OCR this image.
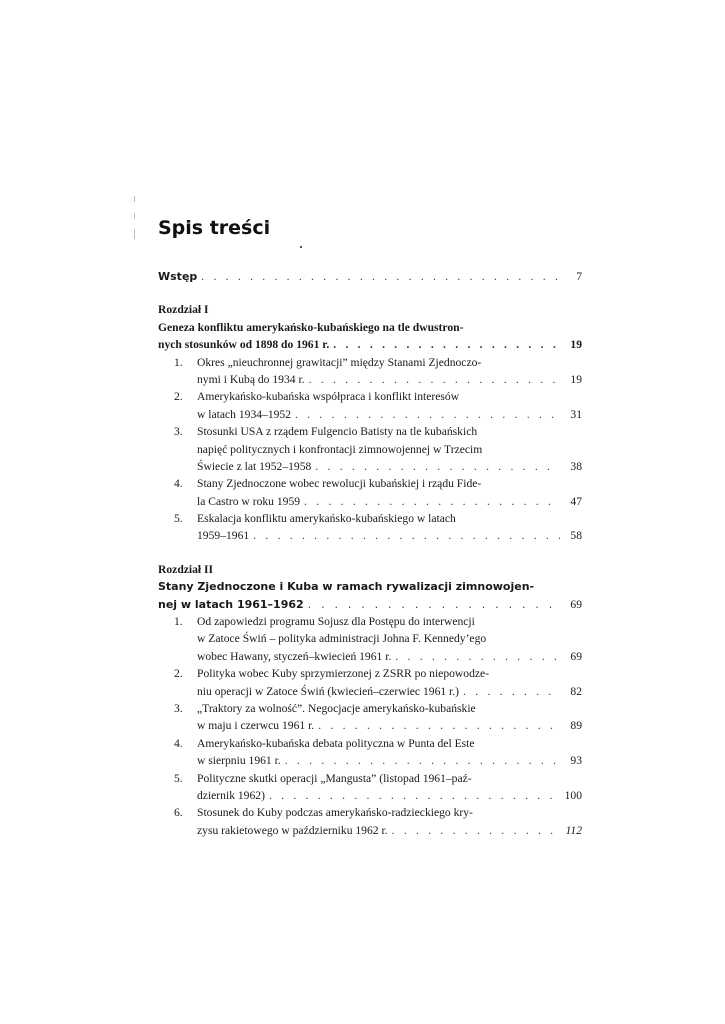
Spis treści
Wstęp . . .	7
Rozdział I
Geneza konfliktu amerykańsko-kubańskiego na tle dwustron-
nych stosunków od 1898 do 1961 r. . . .	19
1. Okres „nieuchronnej grawitacji” między Stanami Zjednoczo-
nymi i Kubą do 1934 r. . . .	19
2. Amerykańsko-kubańska współpraca i konflikt interesów
w latach 1934–1952 . . .	31
3. Stosunki USA z rządem Fulgencio Batisty na tle kubańskich
napięć politycznych i konfrontacji zimnowojennej w Trzecim
Świecie z lat 1952–1958 . . .	38
4. Stany Zjednoczone wobec rewolucji kubańskiej i rządu Fide-
la Castro w roku 1959 . . .	47
5. Eskalacja konfliktu amerykańsko-kubańskiego w latach
1959–1961 . . .	58
Rozdział II
Stany Zjednoczone i Kuba w ramach rywalizacji zimnowojen-
nej w latach 1961–1962 . . .	69
1. Od zapowiedzi programu Sojusz dla Postępu do interwencji
w Zatoce Świń – polityka administracji Johna F. Kennedy’ego
wobec Hawany, styczeń–kwiecień 1961 r. . . .	69
2. Polityka wobec Kuby sprzymierzonej z ZSRR po niepowodze-
niu operacji w Zatoce Świń (kwiecień–czerwiec 1961 r.) . . .	82
3. „Traktory za wolność”. Negocjacje amerykańsko-kubańskie
w maju i czerwcu 1961 r. . . .	89
4. Amerykańsko-kubańska debata polityczna w Punta del Este
w sierpniu 1961 r. . . .	93
5. Polityczne skutki operacji „Mangusta” (listopad 1961–paź-
dziernik 1962) . . .	100
6. Stosunek do Kuby podczas amerykańsko-radzieckiego kry-
zysu rakietowego w październiku 1962 r. . . .	112
